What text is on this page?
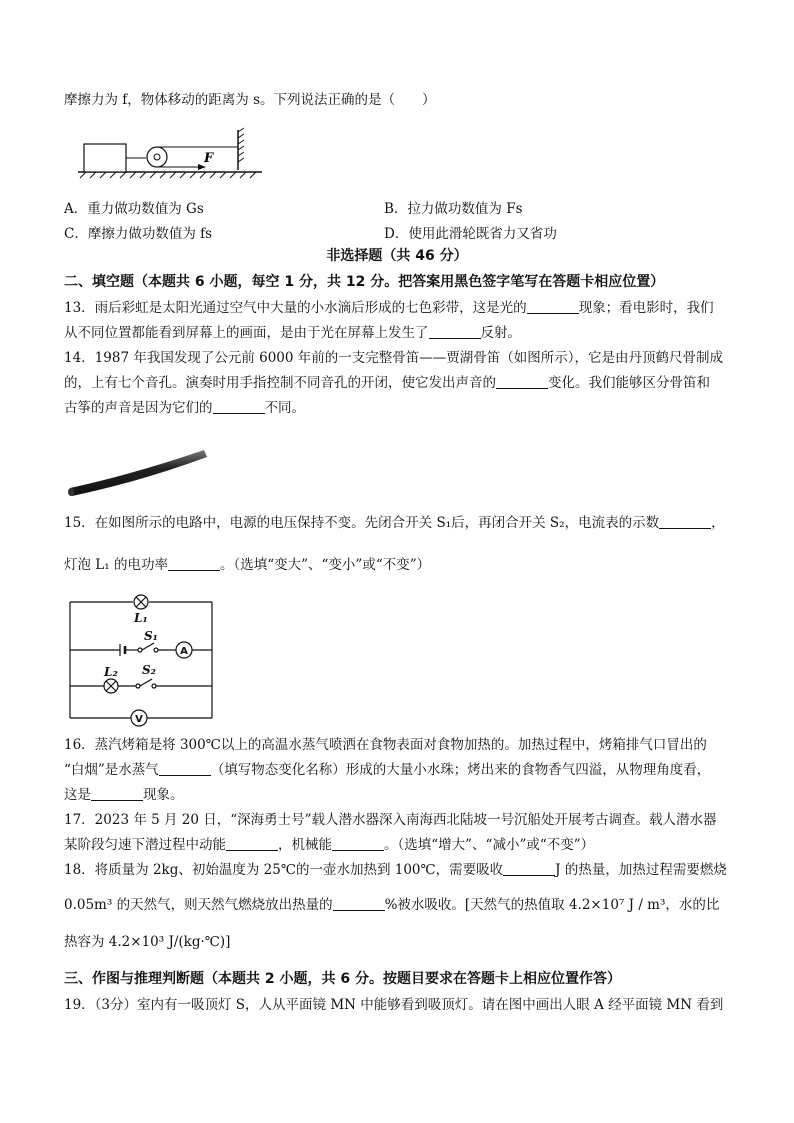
摩擦力为 f，物体移动的距离为 s。下列说法正确的是（　　）
F
A．重力做功数值为 Gs	B．拉力做功数值为 Fs
C．摩擦力做功数值为 fs	D．使用此滑轮既省力又省功
非选择题（共 46 分）
二、填空题（本题共 6 小题，每空 1 分，共 12 分。把答案用黑色签字笔写在答题卡相应位置）
13．雨后彩虹是太阳光通过空气中大量的小水滴后形成的七色彩带，这是光的	现象；看电影时，我们
从不同位置都能看到屏幕上的画面，是由于光在屏幕上发生了	反射。
14．1987 年我国发现了公元前 6000 年前的一支完整骨笛——贾湖骨笛（如图所示），它是由丹顶鹤尺骨制成
的，上有七个音孔。演奏时用手指控制不同音孔的开闭，使它发出声音的	变化。我们能够区分骨笛和
古筝的声音是因为它们的	不同。
15．在如图所示的电路中，电源的电压保持不变。先闭合开关 S₁后，再闭合开关 S₂，电流表的示数	，
灯泡 L₁ 的电功率	。（选填“变大”、“变小”或“不变”）
L₁
S₁
L₂ S₂
A
V
16．蒸汽烤箱是将 300℃以上的高温水蒸气喷洒在食物表面对食物加热的。加热过程中，烤箱排气口冒出的
“白烟”是水蒸气	（填写物态变化名称）形成的大量小水珠；烤出来的食物香气四溢，从物理角度看，
这是	现象。
17．2023 年 5 月 20 日，“深海勇士号”载人潜水器深入南海西北陆坡一号沉船处开展考古调查。载人潜水器
某阶段匀速下潜过程中动能	，机械能	。（选填“增大”、“减小”或“不变”）
18．将质量为 2kg、初始温度为 25℃的一壶水加热到 100℃，需要吸收	J 的热量，加热过程需要燃烧
0.05m³ 的天然气，则天然气燃烧放出热量的	%被水吸收。[天然气的热值取 4.2×10⁷ J / m³，水的比
热容为 4.2×10³ J/(kg·℃)]
三、作图与推理判断题（本题共 2 小题，共 6 分。按题目要求在答题卡上相应位置作答）
19．（3分）室内有一吸顶灯 S，人从平面镜 MN 中能够看到吸顶灯。请在图中画出人眼 A 经平面镜 MN 看到
